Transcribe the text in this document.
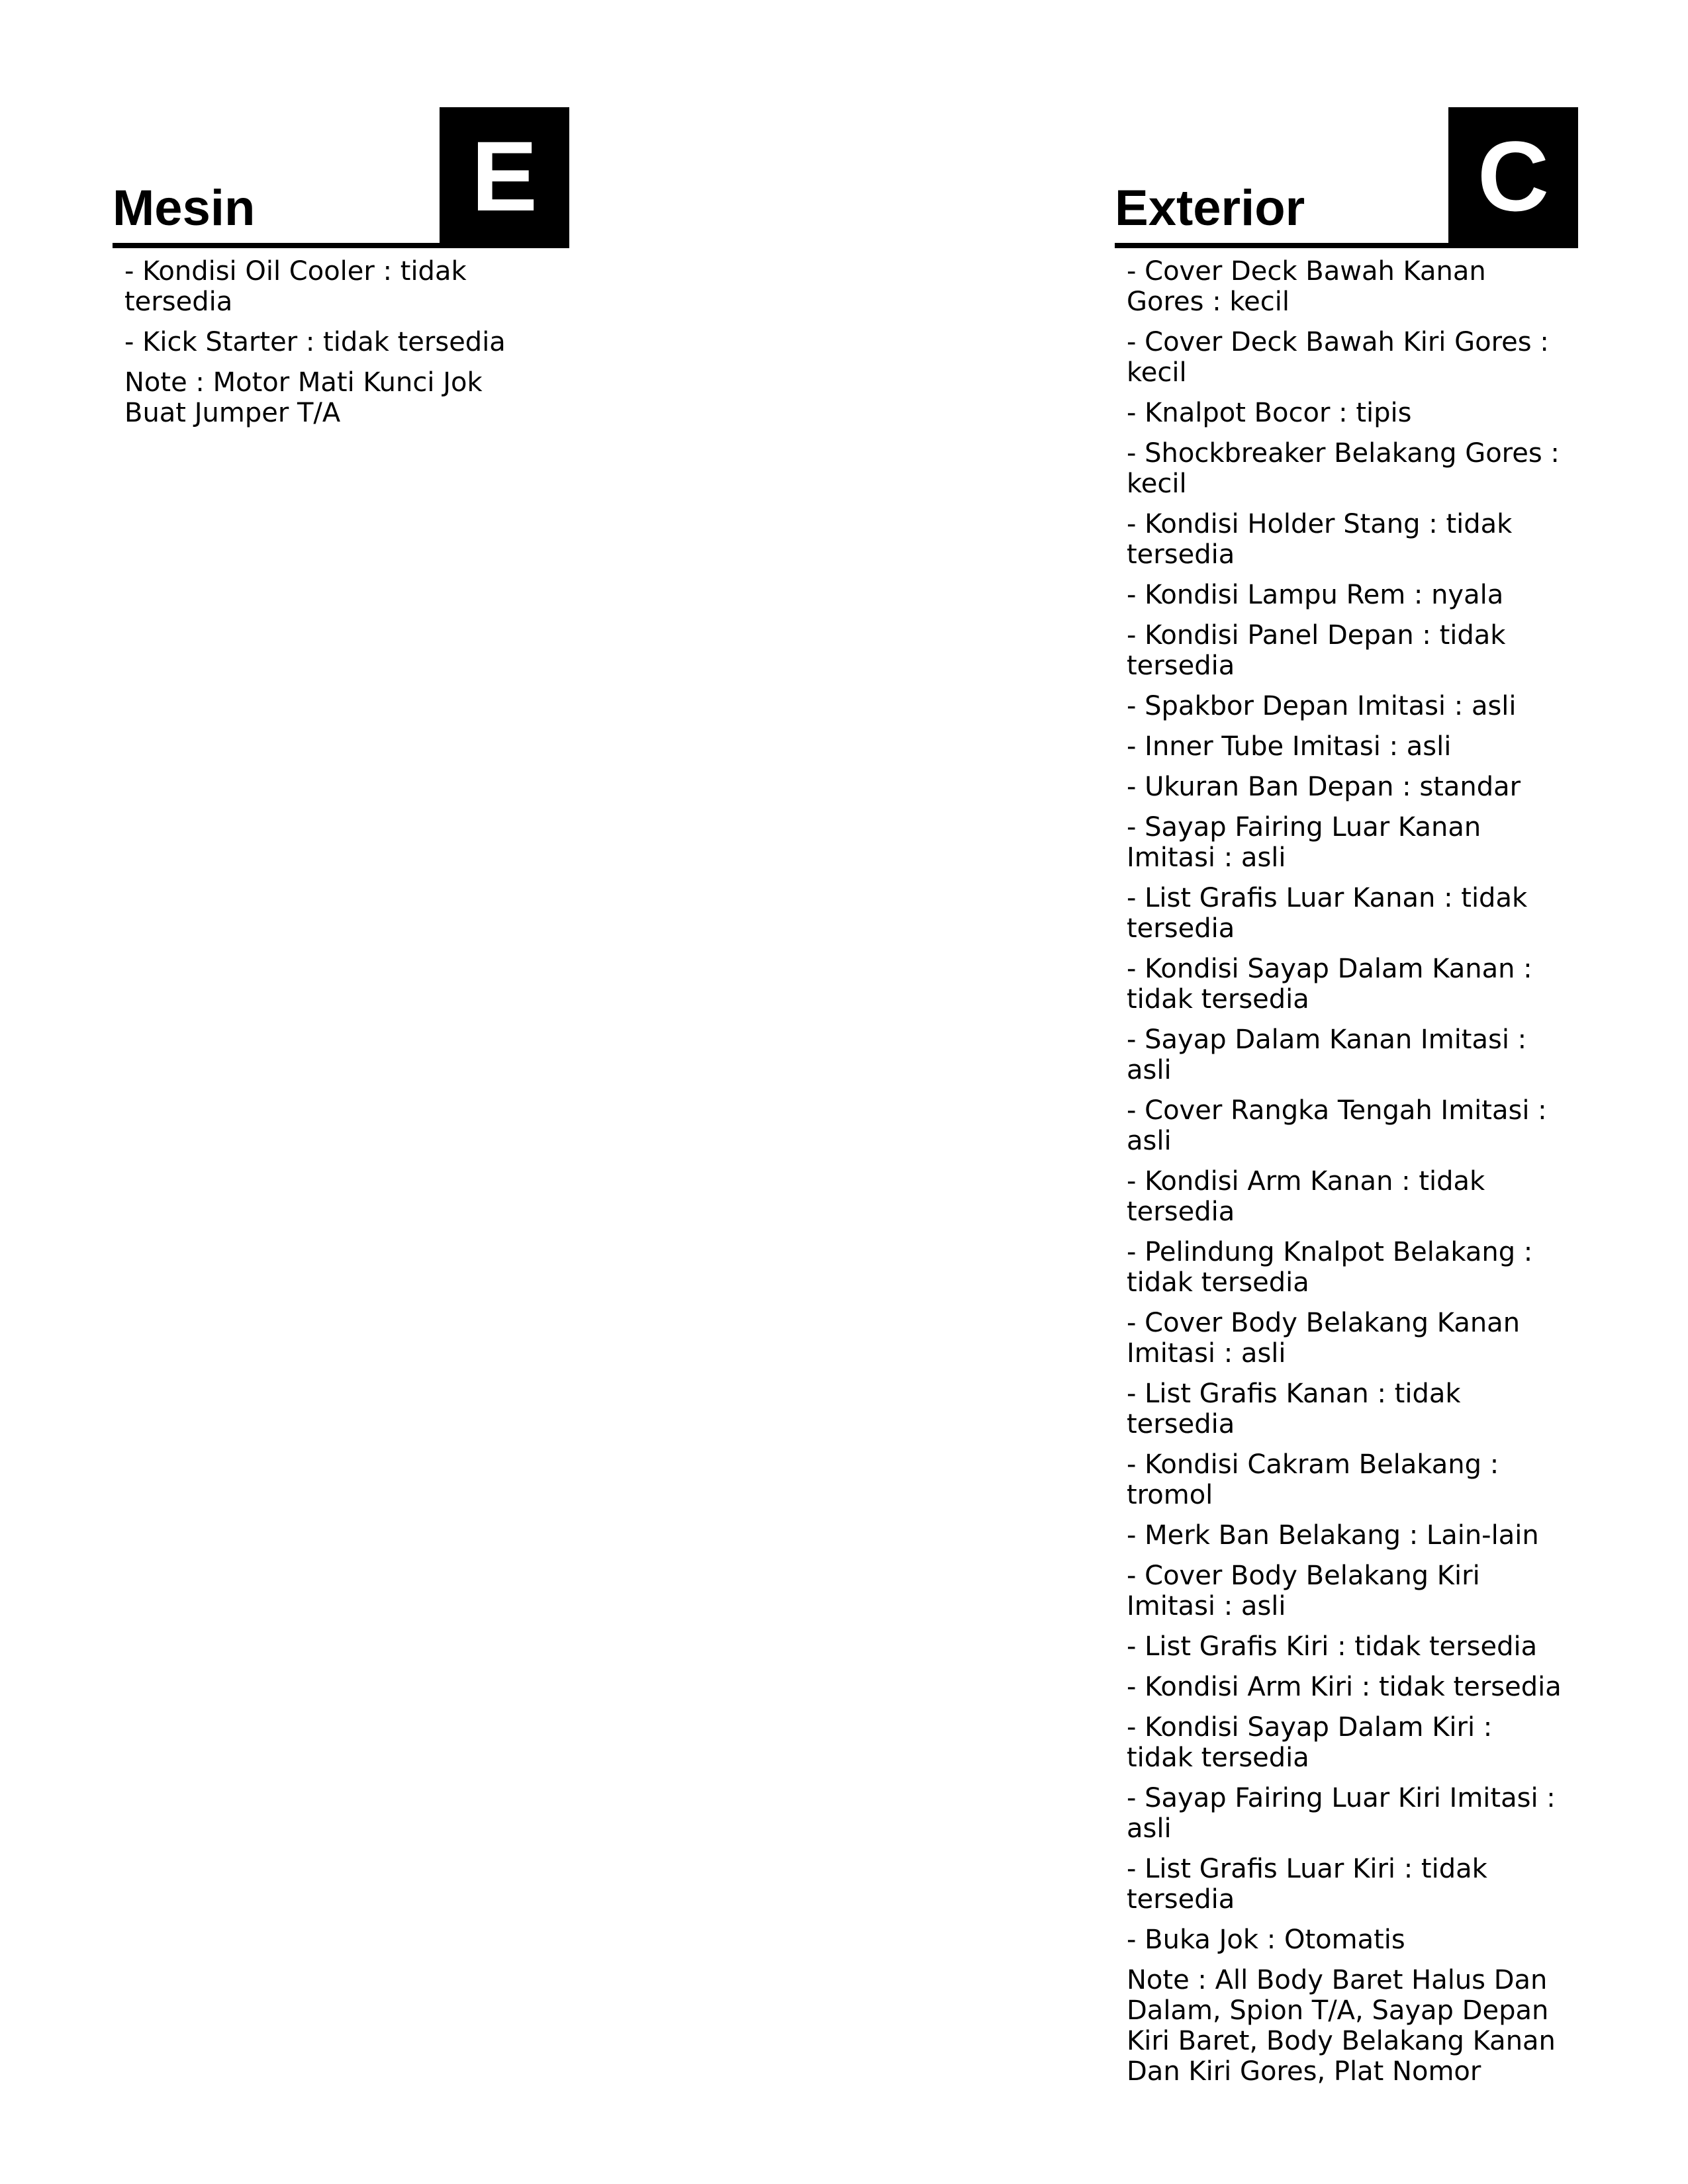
Mesin	E
- Kondisi Oil Cooler : tidak tersedia
- Kick Starter : tidak tersedia

Note : Motor Mati Kunci Jok Buat Jumper T/A

Exterior C
- Cover Deck Bawah Kanan Gores : kecil
- Cover Deck Bawah Kiri Gores : kecil
- Knalpot Bocor : tipis
- Shockbreaker Belakang Gores : kecil
- Kondisi Holder Stang : tidak tersedia
- Kondisi Lampu Rem : nyala
- Kondisi Panel Depan : tidak tersedia
- Spakbor Depan Imitasi : asli
- Inner Tube Imitasi : asli
- Ukuran Ban Depan : standar
- Sayap Fairing Luar Kanan Imitasi : asli
- List Grafis Luar Kanan : tidak tersedia
- Kondisi Sayap Dalam Kanan : tidak tersedia
- Sayap Dalam Kanan Imitasi : asli
- Cover Rangka Tengah Imitasi : asli
- Kondisi Arm Kanan : tidak tersedia
- Pelindung Knalpot Belakang : tidak tersedia
- Cover Body Belakang Kanan Imitasi : asli
- List Grafis Kanan : tidak tersedia
- Kondisi Cakram Belakang : tromol
- Merk Ban Belakang : Lain-lain
- Cover Body Belakang Kiri Imitasi : asli
- List Grafis Kiri : tidak tersedia
- Kondisi Arm Kiri : tidak tersedia
- Kondisi Sayap Dalam Kiri : tidak tersedia
- Sayap Fairing Luar Kiri Imitasi : asli
- List Grafis Luar Kiri : tidak tersedia
- Buka Jok : Otomatis

Note : All Body Baret Halus Dan Dalam, Spion T/A, Sayap Depan Kiri Baret, Body Belakang Kanan Dan Kiri Gores, Plat Nomor
